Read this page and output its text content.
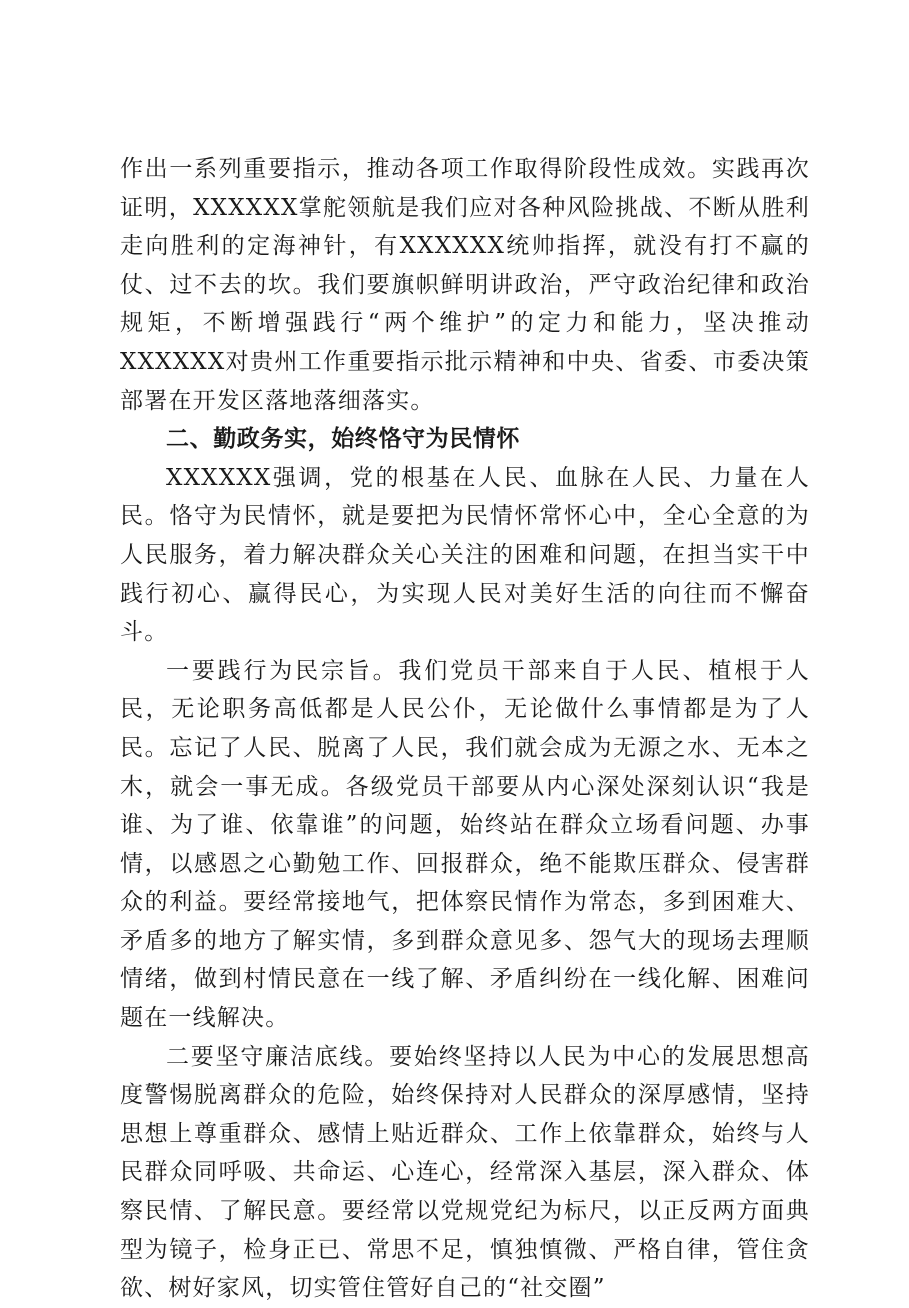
作出一系列重要指示，推动各项工作取得阶段性成效。实践再次证明，XXXXXX掌舵领航是我们应对各种风险挑战、不断从胜利走向胜利的定海神针，有XXXXXX统帅指挥，就没有打不赢的仗、过不去的坎。我们要旗帜鲜明讲政治，严守政治纪律和政治规矩，不断增强践行“两个维护”的定力和能力，坚决推动XXXXXX对贵州工作重要指示批示精神和中央、省委、市委决策部署在开发区落地落细落实。

二、勤政务实，始终恪守为民情怀

XXXXXX强调，党的根基在人民、血脉在人民、力量在人民。恪守为民情怀，就是要把为民情怀常怀心中，全心全意的为人民服务，着力解决群众关心关注的困难和问题，在担当实干中践行初心、赢得民心，为实现人民对美好生活的向往而不懈奋斗。

一要践行为民宗旨。我们党员干部来自于人民、植根于人民，无论职务高低都是人民公仆，无论做什么事情都是为了人民。忘记了人民、脱离了人民，我们就会成为无源之水、无本之木，就会一事无成。各级党员干部要从内心深处深刻认识“我是谁、为了谁、依靠谁”的问题，始终站在群众立场看问题、办事情，以感恩之心勤勉工作、回报群众，绝不能欺压群众、侵害群众的利益。要经常接地气，把体察民情作为常态，多到困难大、矛盾多的地方了解实情，多到群众意见多、怨气大的现场去理顺情绪，做到村情民意在一线了解、矛盾纠纷在一线化解、困难问题在一线解决。

二要坚守廉洁底线。要始终坚持以人民为中心的发展思想高度警惕脱离群众的危险，始终保持对人民群众的深厚感情，坚持思想上尊重群众、感情上贴近群众、工作上依靠群众，始终与人民群众同呼吸、共命运、心连心，经常深入基层，深入群众、体察民情、了解民意。要经常以党规党纪为标尺，以正反两方面典型为镜子，检身正已、常思不足，慎独慎微、严格自律，管住贪欲、树好家风，切实管住管好自己的“社交圈”
